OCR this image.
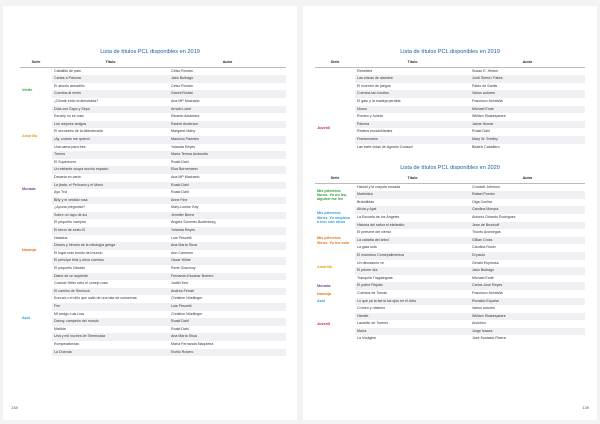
Lista de títulos PCL disponibles en 2019
Serie	Título	Autor
Verde	Caballito de palo	Celso Román
	Cartas a Paloma	Jairo Buitrago
	El abuelo armadillo	Celso Román
	Cuentos al revés	Gianni Rodari
	¿Dónde está mi almohada?	Ana MP Machado
	Días con Sapo y Sepo	Arnold Lobel
Amarilla	Escarly no es rosa	Ricardo Alcántara
	Los mejores amigos	Rachel Anderson
	El secuestro de la bibliotecaria	Margaret Mahy
	¡Ay, cuánto me quiero!	Mauricio Paredes
	Una cama para tres	Yolanda Reyes
	Trenes	María Teresa Andruetto
Morada	El Superzorro	Roald Dahl
	Un elefante ocupa mucho espacio	Elsa Bornemann
	Decarta en carta	Ana MP Machado
	La jirafa, el Pelícano y el Mono	Roald Dahl
	Ayu Trol	Roald Dahl
	Billy y el vestido rosa	Anne Fine
	¿Apuna preguntar?	Mary-Louise Gay
	Sobre un rayo de luz	Jennifer Berne
Naranja	El pequeño vampiro	Ángela Sommer-Bodenburg
	El terror de sexto B	Yolanda Reyes
	Natacha	Luis Pescetti
	Dioses y héroes de la mitología griega	Ana María Shua
	El lugar más bonito del mundo	Ann Cameron
	El príncipe feliz y otros cuentos	Oscar Wilde
	El pequeño Nicolás	René Goscinny
	Diario de un suplente	Fernando Escobar Borrero
Azul	Cuando Hitler robó el conejo rosa	Judith Kerr
	El camino de Sherlock	Andrea Ferrari
	Konrad o el niño que salió de una lata de conservas	Christine Nöstlinger
	Frin	Luis Pescetti
	Mi amigo Luis-Lisa	Christine Nöstlinger
	Danny, campeón del mundo	Roald Dahl
	Matilda	Roald Dahl
	Una y mil noches de Sherezada	Ana María Shua
	Rompecabezas	María Fernanda Maquieira
	La Duenda	Evelio Rosero
138
Lista de títulos PCL disponibles en 2019
Serie	Título	Autor
	Rebeldes	Susan E. Hinton
	Las chicas de alambre	Jordi Sierra i Fabra
	El inventor de juegos	Pablo de Santis
	Cuentos tan bonitos	Varios autores
	El gato y la madeja perdida	Francisco Montaña
Juvenil	Momo	Michael Ende
	Romeo y Julieta	William Shakespeare
	Paloma	Jaime Homar
	Relatos escalofriantes	Roald Dahl
	Frankenstein	Mary W. Shelley
	Las siete vidas de Agustín Codazzi	Beatriz Caballero
Lista de títulos PCL disponibles en 2020
Serie	Título	Autor
Mis primeros libros. Yo no leo, alguien me lee	Harold y la crayola morada	Crockett Johnson
	Martinitza	Rafael Pombo
	Brandiblas	Olga Cuéllar
Mis primeros libros. Yo empiezo a leer con otros	Alícia y Ayal	Carolina Monyra
	La Escuela de los Ángeles	Antonio Orlando Rodríguez
	Historia del sabor el elefantito	Jean de Brunhoff
Mis primeros libros. Yo leo solo	El perfume del viento	Triunfo Arciniegas
	La cabaña del árbol	Gillian Cross
	La gata sola	Carolina Rosin
Amarilla	El monstruo Comepalimentos	Di paolo
	Un dinosaurio ve	Gerald Espinosa
	El primer día	Jairo Buitrago
	Tranquila Tragaleguas	Michael Ende
Morada	El pobre Riquito	Carlos José Reyes
Naranja	Cuentos de Tomás	Francisco Montaña
Azul	Lo que ya la tierra los ojos en el cielo	Ronaldo Espaha
Juvenil	Crímen y misterio	Varios autores
	Hamlet	William Shakespeare
	Lazarillo de Tormes	Anónimo
	María	Jorge Isaacs
	La Vorágine	José Eustasio Rivera
139
